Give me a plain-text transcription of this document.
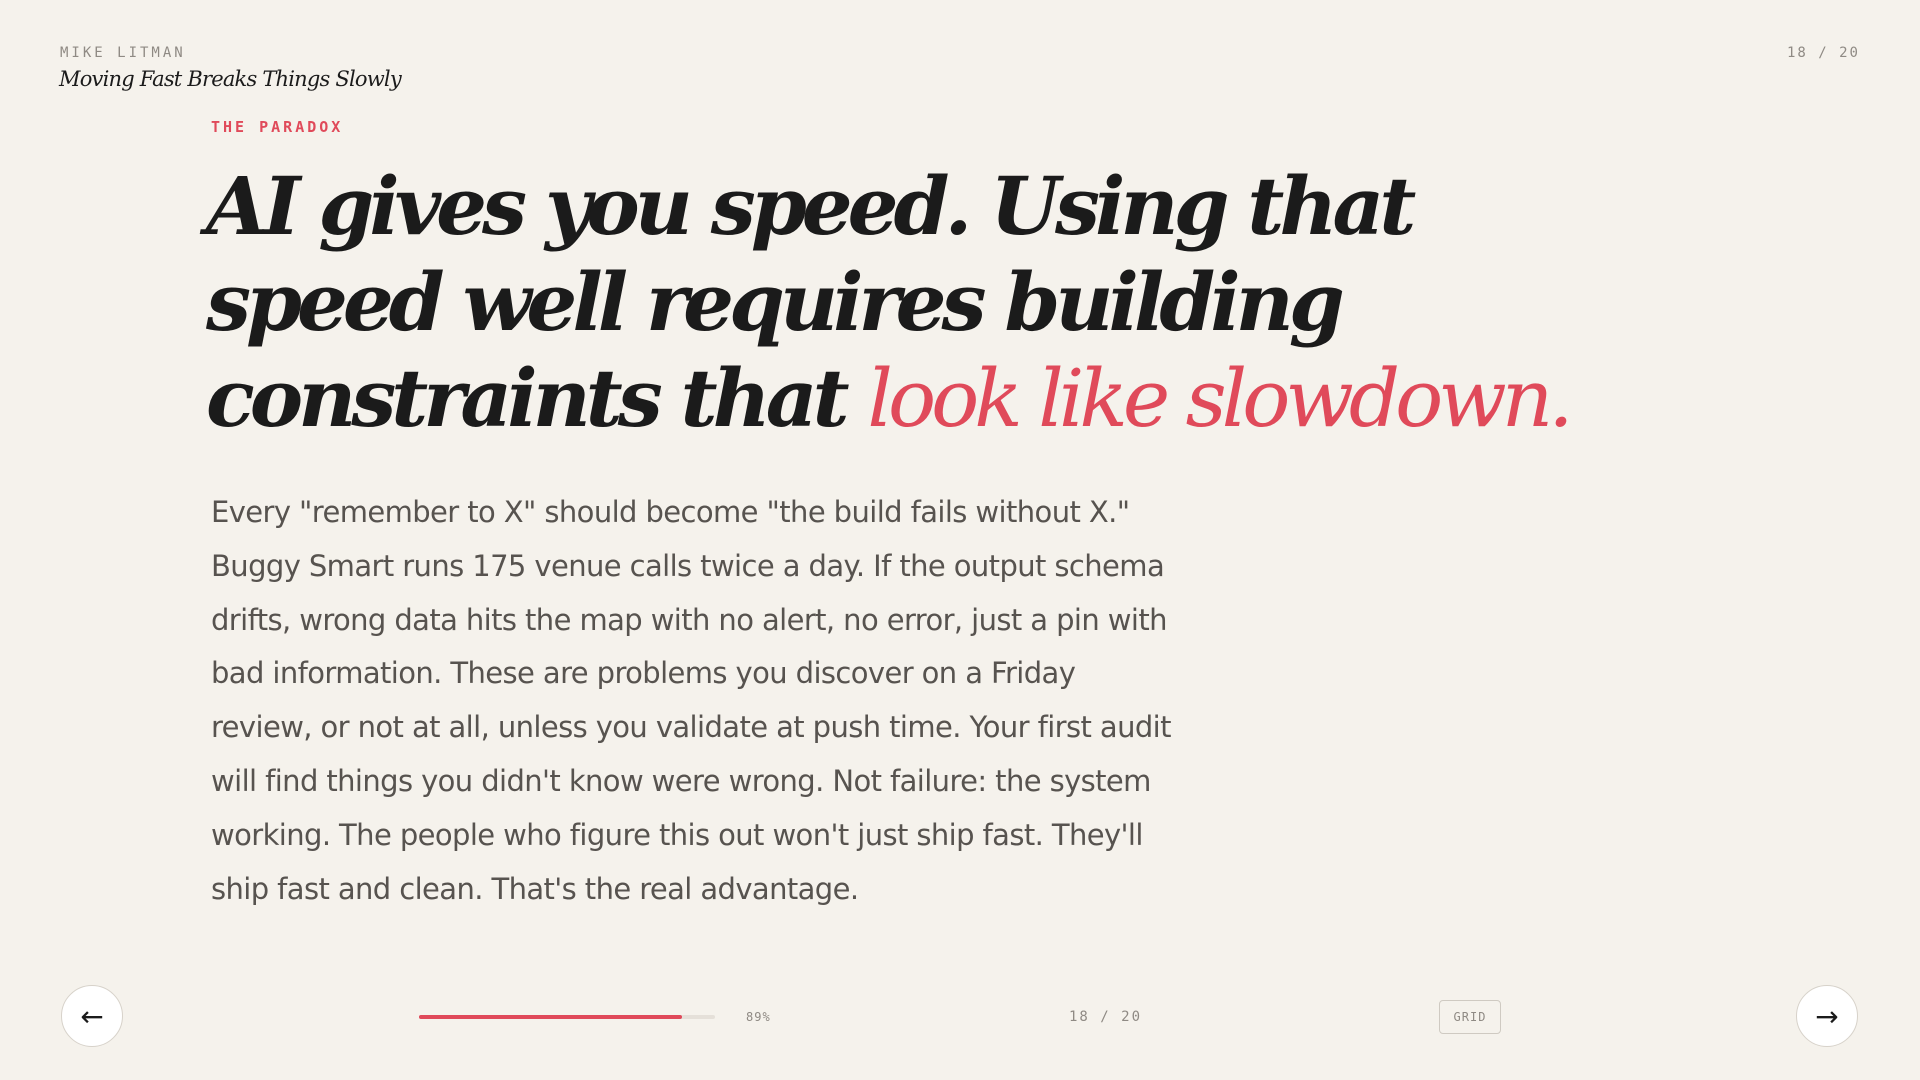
MIKE LITMAN
Moving Fast Breaks Things Slowly
18 / 20
THE PARADOX
AI gives you speed. Using that speed well requires building constraints that look like slowdown.

Every "remember to X" should become "the build fails without X." Buggy Smart runs 175 venue calls twice a day. If the output schema drifts, wrong data hits the map with no alert, no error, just a pin with bad information. These are problems you discover on a Friday review, or not at all, unless you validate at push time. Your first audit will find things you didn't know were wrong. Not failure: the system working. The people who figure this out won't just ship fast. They'll ship fast and clean. That's the real advantage.

←	89%	18 / 20	GRID	→
